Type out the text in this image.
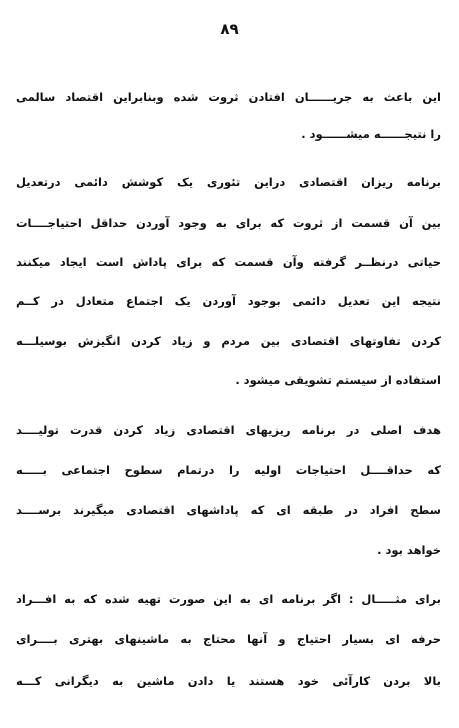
۸۹
این باعث به جریــــــان افتادن ثروت شده وبنابراین اقتصاد سالمی
را نتیجــــــه میشــــــود .
برنامه ریزان اقتصادی دراین تئوری یک کوشش دائمی درتعدیل
بین آن قسمت از ثروت که برای به وجود آوردن حداقل احتیاجــــات
حیاتی درنظــر گرفته وآن قسمت که برای پاداش است ایجاد میکنند
نتیجه این تعدیل دائمی بوجود آوردن یک اجتماع متعادل در کــم
کردن تفاوتهای اقتصادی بین مردم و زیاد کردن انگیزش بوسیلـــه
استفاده از سیستم تشویقی میشود .
هدف اصلی در برنامه ریزیهای اقتصادی زیاد کردن قدرت تولیــــد
که حداقــــل احتیاجات اولیه را درتمام سطوح اجتماعی بـــــه
سطح افراد در طبقه ای که پاداشهای اقتصادی میگیرند برســــد
خواهد بود .
برای مثـــــال : اگر برنامه ای به این صورت تهیه شده که به افـــراد
حرفه ای بسیار احتیاج و آنها محتاج به ماشینهای بهتری بــــرای
بالا بردن کارآئی خود هستند یا دادن ماشین به دیگرانی کـــه
